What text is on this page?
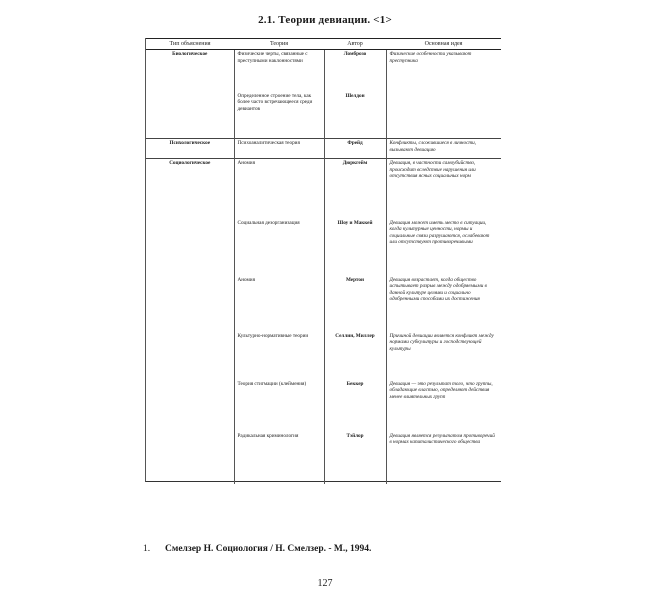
2.1. Теории девиации. <1>
Тип объяснения	Теория	Автор	Основная идея
Биологическое	Физические черты, связанные с преступными наклонностями	Ломброзо	Физические особенности указывают преступника
	Определенное строение тела, как более часто встречающееся среди девиантов	Шелдон	
Психологическое	Психоаналитическая теория	Фрейд	Конфликты, сложившиеся в личности, вызывают девиацию
Социологическое	Аномия	Дюркгейм	Девиация, в частности самоубийство, происходит вследствие нарушения или отсутствия ясных социальных норм
	Социальная дезорганизация	Шоу и Маккей	Девиация может иметь место в ситуации, когда культурные ценности, нормы и социальные связи разрушаются, ослабевают или отсутствуют противоречивыми
	Аномия	Мертон	Девиация возрастает, когда общество испытывает разрыв между одобряемыми в данной культуре целями и социально одобренными способами их достижения
	Культурно-нормативные теории	Селлин, Миллер	Причиной девиации является конфликт между нормами субкультуры и господствующей культуры
	Теория стигмации (клеймения)	Беккер	Девиация — это результат того, что группы, обладающие властью, определяют действия менее влиятельных групп
	Радикальная криминология	Тэйлор	Девиация является результатом противоречий в нормах капиталистического общества
1. Смелзер Н. Социология / Н. Смелзер. - М., 1994.
127
